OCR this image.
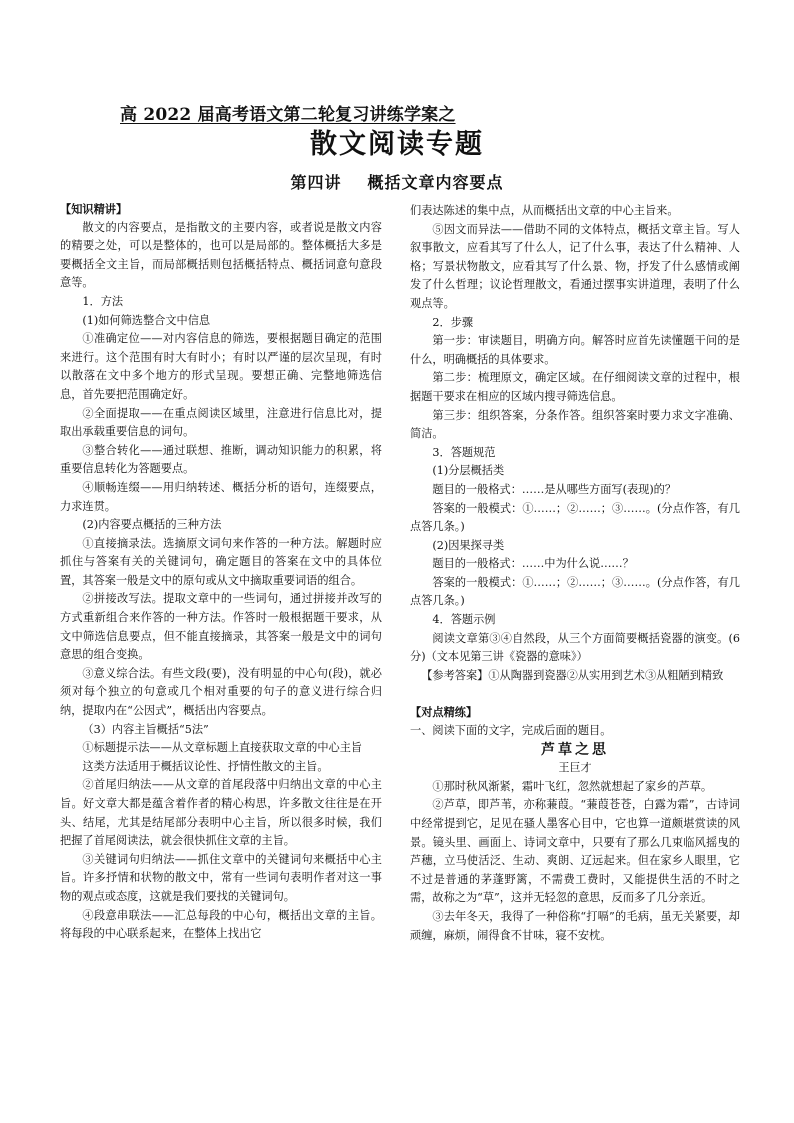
高 2022 届高考语文第二轮复习讲练学案之
散文阅读专题
第四讲 概括文章内容要点

【知识精讲】

散文的内容要点，是指散文的主要内容，或者说是散文内容的精要之处，可以是整体的，也可以是局部的。整体概括大多是要概括全文主旨，而局部概括则包括概括特点、概括词意句意段意等。

1．方法

(1)如何筛选整合文中信息

①准确定位——对内容信息的筛选，要根据题目确定的范围来进行。这个范围有时大有时小；有时以严谨的层次呈现，有时以散落在文中多个地方的形式呈现。要想正确、完整地筛选信息，首先要把范围确定好。

②全面提取——在重点阅读区域里，注意进行信息比对，提取出承载重要信息的词句。

③整合转化——通过联想、推断，调动知识能力的积累，将重要信息转化为答题要点。

④顺畅连缀——用归纳转述、概括分析的语句，连缀要点，力求连贯。

(2)内容要点概括的三种方法

①直接摘录法。选摘原文词句来作答的一种方法。解题时应抓住与答案有关的关键词句，确定题目的答案在文中的具体位置，其答案一般是文中的原句或从文中摘取重要词语的组合。

②拼接改写法。提取文章中的一些词句，通过拼接并改写的方式重新组合来作答的一种方法。作答时一般根据题干要求，从文中筛选信息要点，但不能直接摘录，其答案一般是文中的词句意思的组合变换。

③意义综合法。有些文段(要)，没有明显的中心句(段)，就必须对每个独立的句意或几个相对重要的句子的意义进行综合归纳，提取内在“公因式”，概括出内容要点。

（3）内容主旨概括“5法”

①标题提示法——从文章标题上直接获取文章的中心主旨

这类方法适用于概括议论性、抒情性散文的主旨。

②首尾归纳法——从文章的首尾段落中归纳出文章的中心主旨。好文章大都是蕴含着作者的精心构思，许多散文往往是在开头、结尾，尤其是结尾部分表明中心主旨，所以很多时候，我们把握了首尾阅读法，就会很快抓住文章的主旨。

③关键词句归纳法——抓住文章中的关键词句来概括中心主旨。许多抒情和状物的散文中，常有一些词句表明作者对这一事物的观点或态度，这就是我们要找的关键词句。

④段意串联法——汇总每段的中心句，概括出文章的主旨。将每段的中心联系起来，在整体上找出它

们表达陈述的集中点，从而概括出文章的中心主旨来。

⑤因文而异法——借助不同的文体特点，概括文章主旨。写人叙事散文，应看其写了什么人，记了什么事，表达了什么精神、人格；写景状物散文，应看其写了什么景、物，抒发了什么感情或阐发了什么哲理；议论哲理散文，看通过摆事实讲道理，表明了什么观点等。

2．步骤

第一步：审读题目，明确方向。解答时应首先读懂题干问的是什么，明确概括的具体要求。

第二步：梳理原文，确定区域。在仔细阅读文章的过程中，根据题干要求在相应的区域内搜寻筛选信息。

第三步：组织答案，分条作答。组织答案时要力求文字准确、简洁。

3．答题规范

(1)分层概括类

题目的一般格式：……是从哪些方面写(表现)的？

答案的一般模式：①……；②……；③……。(分点作答，有几点答几条。)

(2)因果探寻类

题目的一般格式：……中为什么说……？

答案的一般模式：①……；②……；③……。(分点作答，有几点答几条。)

4．答题示例

阅读文章第③④自然段，从三个方面简要概括瓷器的演变。(6 分)（文本见第三讲《瓷器的意味》）

【参考答案】①从陶器到瓷器②从实用到艺术③从粗陋到精致

【对点精练】

一、阅读下面的文字，完成后面的题目。

芦草之思

王巨才

①那时秋风渐紧，霜叶飞红，忽然就想起了家乡的芦草。

②芦草，即芦苇，亦称蒹葭。“蒹葭苍苍，白露为霜”，古诗词中经常提到它，足见在骚人墨客心目中，它也算一道颇堪赏读的风景。镜头里、画面上、诗词文章中，只要有了那么几束临风摇曳的芦穗，立马使活泛、生动、爽朗、辽远起来。但在家乡人眼里，它不过是普通的茅蓬野篱，不需费工费时，又能提供生活的不时之需，故称之为“草”，这并无轻忽的意思，反而多了几分亲近。

③去年冬天，我得了一种俗称“打嗝”的毛病，虽无关紧要，却顽缠，麻烦，闹得食不甘味，寝不安枕。
